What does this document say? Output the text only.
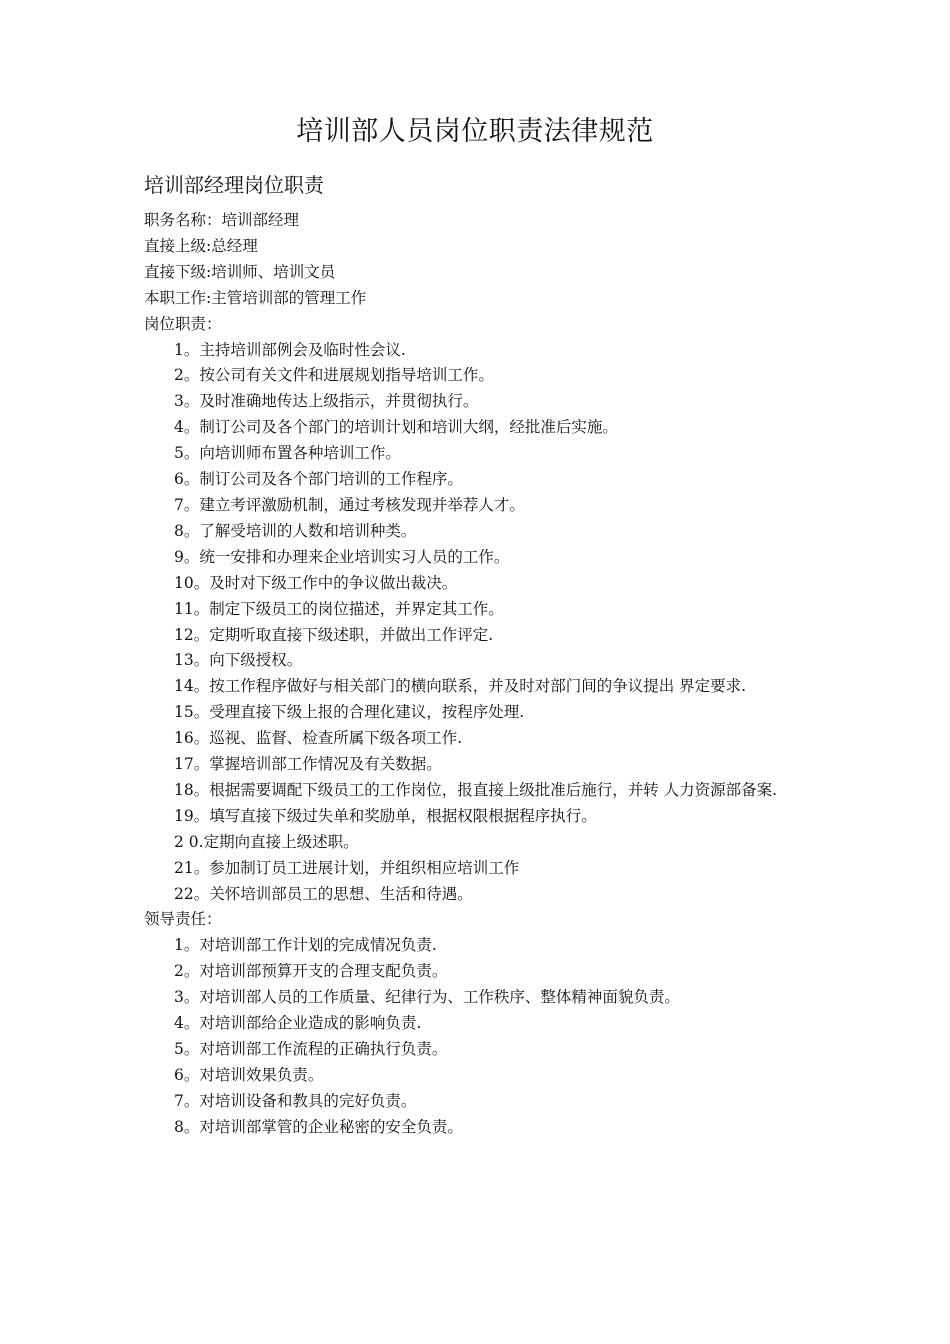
培训部人员岗位职责法律规范
培训部经理岗位职责
职务名称：培训部经理
直接上级:总经理
直接下级:培训师、培训文员
本职工作:主管培训部的管理工作
岗位职责：
1。 主持培训部例会及临时性会议.
2。 按公司有关文件和进展规划指导培训工作。
3。 及时准确地传达上级指示，并贯彻执行。
4。 制订公司及各个部门的培训计划和培训大纲，经批准后实施。
5。 向培训师布置各种培训工作。
6。 制订公司及各个部门培训的工作程序。
7。 建立考评激励机制，通过考核发现并举荐人才。
8。 了解受培训的人数和培训种类。
9。 统一安排和办理来企业培训实习人员的工作。
10。 及时对下级工作中的争议做出裁决。
11。 制定下级员工的岗位描述，并界定其工作。
12。 定期听取直接下级述职，并做出工作评定.
13。 向下级授权。
14。 按工作程序做好与相关部门的横向联系，并及时对部门间的争议提出 界定要求.
15。 受理直接下级上报的合理化建议，按程序处理.
16。 巡视、监督、检查所属下级各项工作.
17。 掌握培训部工作情况及有关数据。
18。 根据需要调配下级员工的工作岗位，报直接上级批准后施行，并转 人力资源部备案.
19。 填写直接下级过失单和奖励单，根据权限根据程序执行。
2 0. 定期向直接上级述职。
21。 参加制订员工进展计划，并组织相应培训工作
22。 关怀培训部员工的思想、生活和待遇。
领导责任：
1。 对培训部工作计划的完成情况负责.
2。 对培训部预算开支的合理支配负责。
3。 对培训部人员的工作质量、纪律行为、工作秩序、整体精神面貌负责。
4。 对培训部给企业造成的影响负责.
5。 对培训部工作流程的正确执行负责。
6。 对培训效果负责。
7。 对培训设备和教具的完好负责。
8。 对培训部掌管的企业秘密的安全负责。
